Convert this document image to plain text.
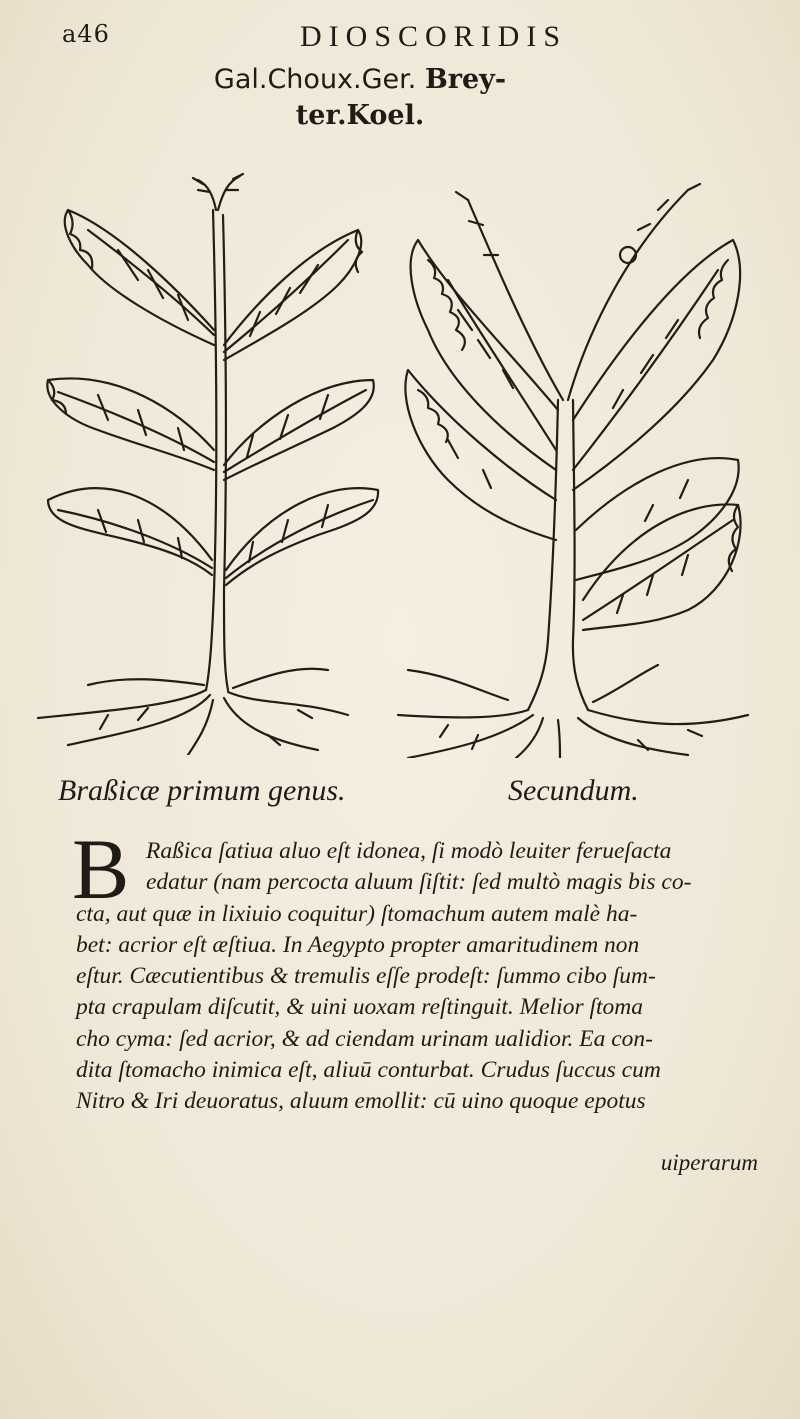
a46	DIOSCORIDIS
Gal.Choux.Ger. Brey-
ter.Koel.
Braßicæ primum genus.	Secundum.
B Raßica ſatiua aluo eſt idonea, ſi modò leuiter ferueſacta
edatur (nam percocta aluum ſiſtit: ſed multò magis bis co-
cta, aut quæ in lixiuio coquitur) ſtomachum autem malè ha-
bet: acrior eſt æſtiua. In Aegypto propter amaritudinem non
eſtur. Cæcutientibus & tremulis eſſe prodeſt: ſummo cibo ſum-
pta crapulam diſcutit, & uini uoxam reſtinguit. Melior ſtoma
cho cyma: ſed acrior, & ad ciendam urinam ualidior. Ea con-
dita ſtomacho inimica eſt, aliuū conturbat. Crudus ſuccus cum
Nitro & Iri deuoratus, aluum emollit: cū uino quoque epotus
uiperarum
